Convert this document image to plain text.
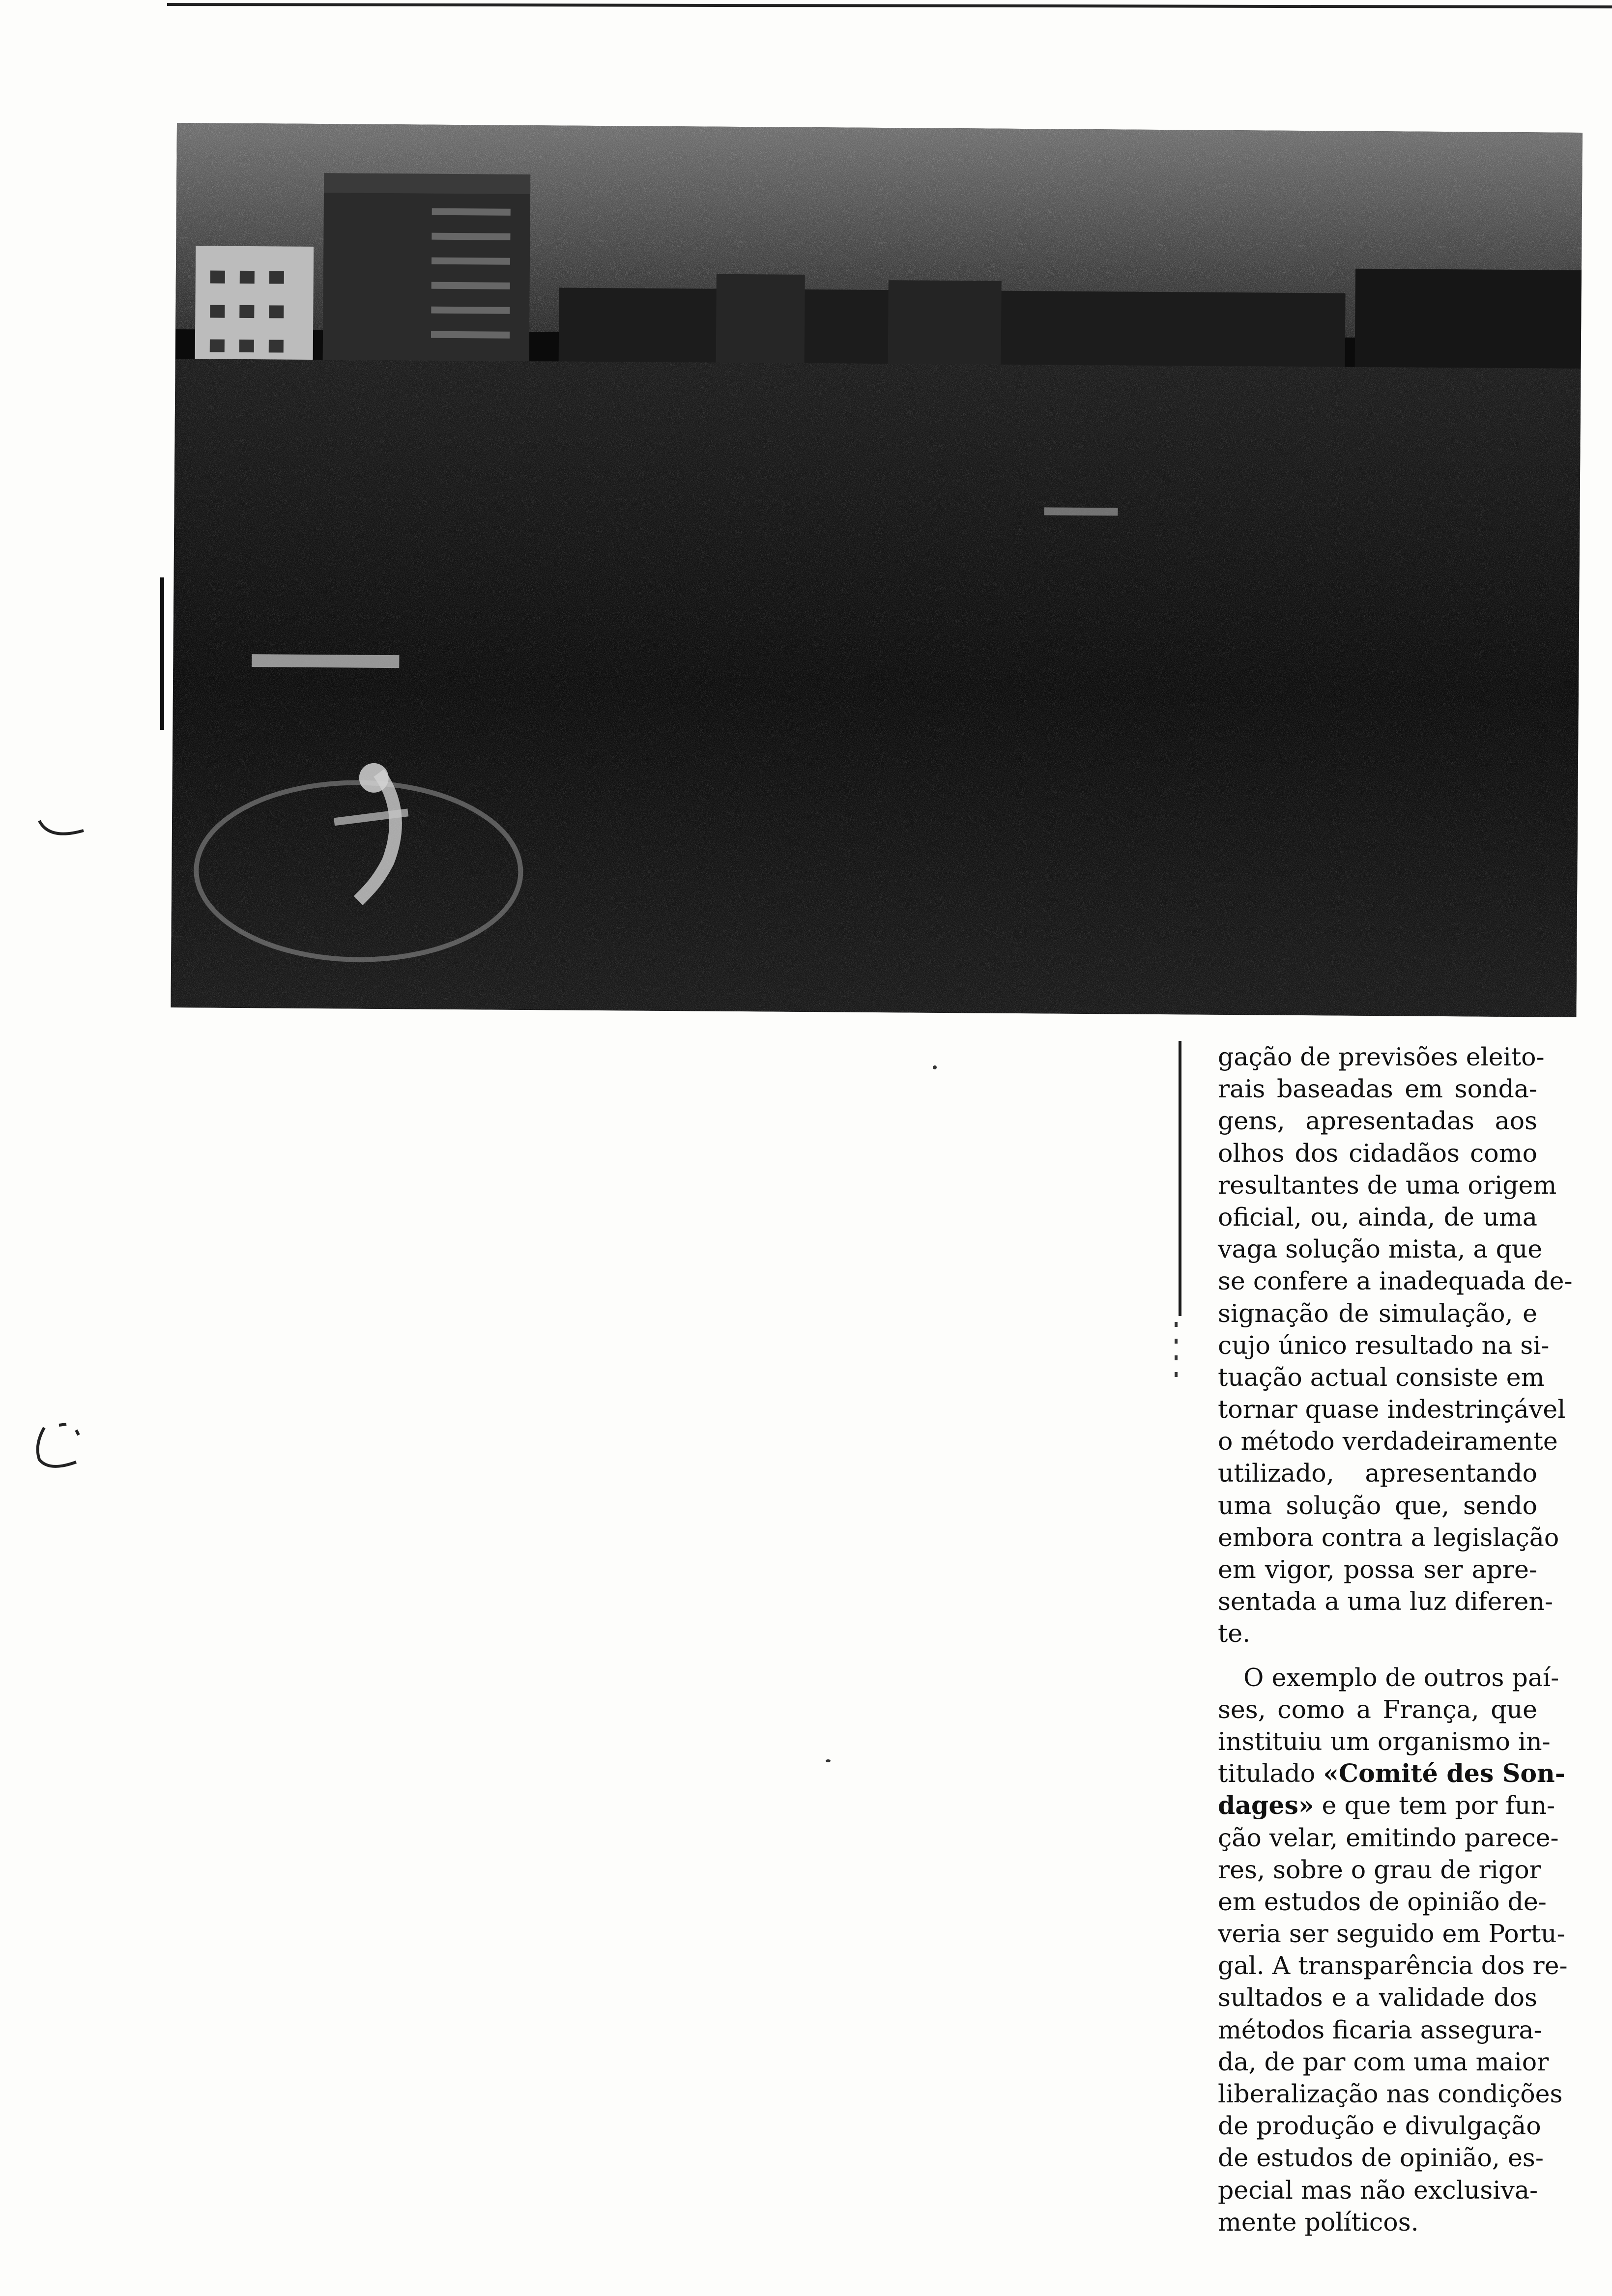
gação de previsões eleito-
rais baseadas em sonda-
gens, apresentadas aos
olhos dos cidadãos como
resultantes de uma origem
oficial, ou, ainda, de uma
vaga solução mista, a que
se confere a inadequada de-
signação de simulação, e
cujo único resultado na si-
tuação actual consiste em
tornar quase indestrinçável
o método verdadeiramente
utilizado, apresentando
uma solução que, sendo
embora contra a legislação
em vigor, possa ser apre-
sentada a uma luz diferen-
te.
O exemplo de outros paí-
ses, como a França, que
instituiu um organismo in-
titulado «Comité des Son-
dages» e que tem por fun-
ção velar, emitindo parece-
res, sobre o grau de rigor
em estudos de opinião de-
veria ser seguido em Portu-
gal. A transparência dos re-
sultados e a validade dos
métodos ficaria assegura-
da, de par com uma maior
liberalização nas condições
de produção e divulgação
de estudos de opinião, es-
pecial mas não exclusiva-
mente políticos.
